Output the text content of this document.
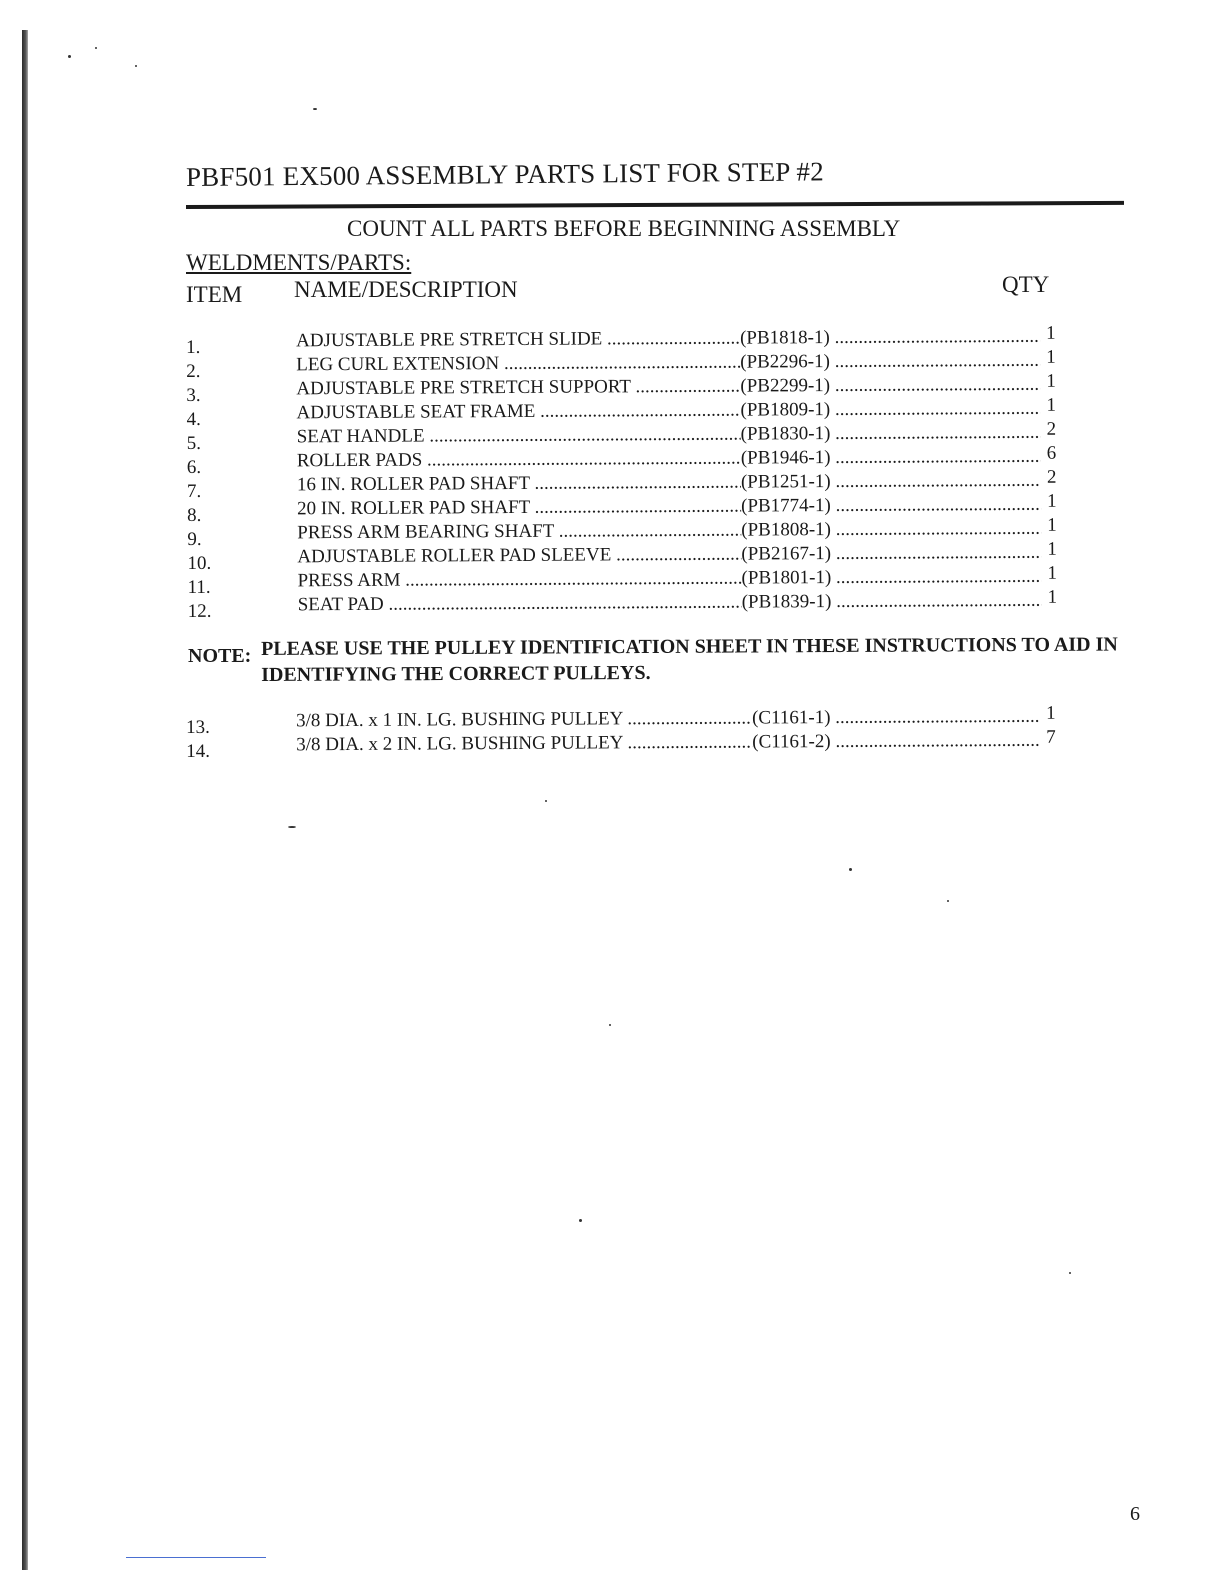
PBF501 EX500 ASSEMBLY PARTS LIST FOR STEP #2
COUNT ALL PARTS BEFORE BEGINNING ASSEMBLY
WELDMENTS/PARTS:
ITEM NAME/DESCRIPTION	QTY
1.	ADJUSTABLE PRE STRETCH SLIDE .....	(PB1818-1) .....	1
2.	LEG CURL EXTENSION .....	(PB2296-1) .....	1
3.	ADJUSTABLE PRE STRETCH SUPPORT .....	(PB2299-1) .....	1
4.	ADJUSTABLE SEAT FRAME .....	(PB1809-1) .....	1
5.	SEAT HANDLE .....	(PB1830-1) .....	2
6.	ROLLER PADS .....	(PB1946-1) .....	6
7.	16 IN. ROLLER PAD SHAFT .....	(PB1251-1) .....	2
8.	20 IN. ROLLER PAD SHAFT .....	(PB1774-1) .....	1
9.	PRESS ARM BEARING SHAFT .....	(PB1808-1) .....	1
10.	ADJUSTABLE ROLLER PAD SLEEVE .....	(PB2167-1) .....	1
11.	PRESS ARM .....	(PB1801-1) .....	1
12.	SEAT PAD .....	(PB1839-1) .....	1
NOTE: PLEASE USE THE PULLEY IDENTIFICATION SHEET IN THESE INSTRUCTIONS TO AID IN IDENTIFYING THE CORRECT PULLEYS.
13.	3/8 DIA. x 1 IN. LG. BUSHING PULLEY .....	(C1161-1) .....	1
14.	3/8 DIA. x 2 IN. LG. BUSHING PULLEY .....	(C1161-2) .....	7
6
